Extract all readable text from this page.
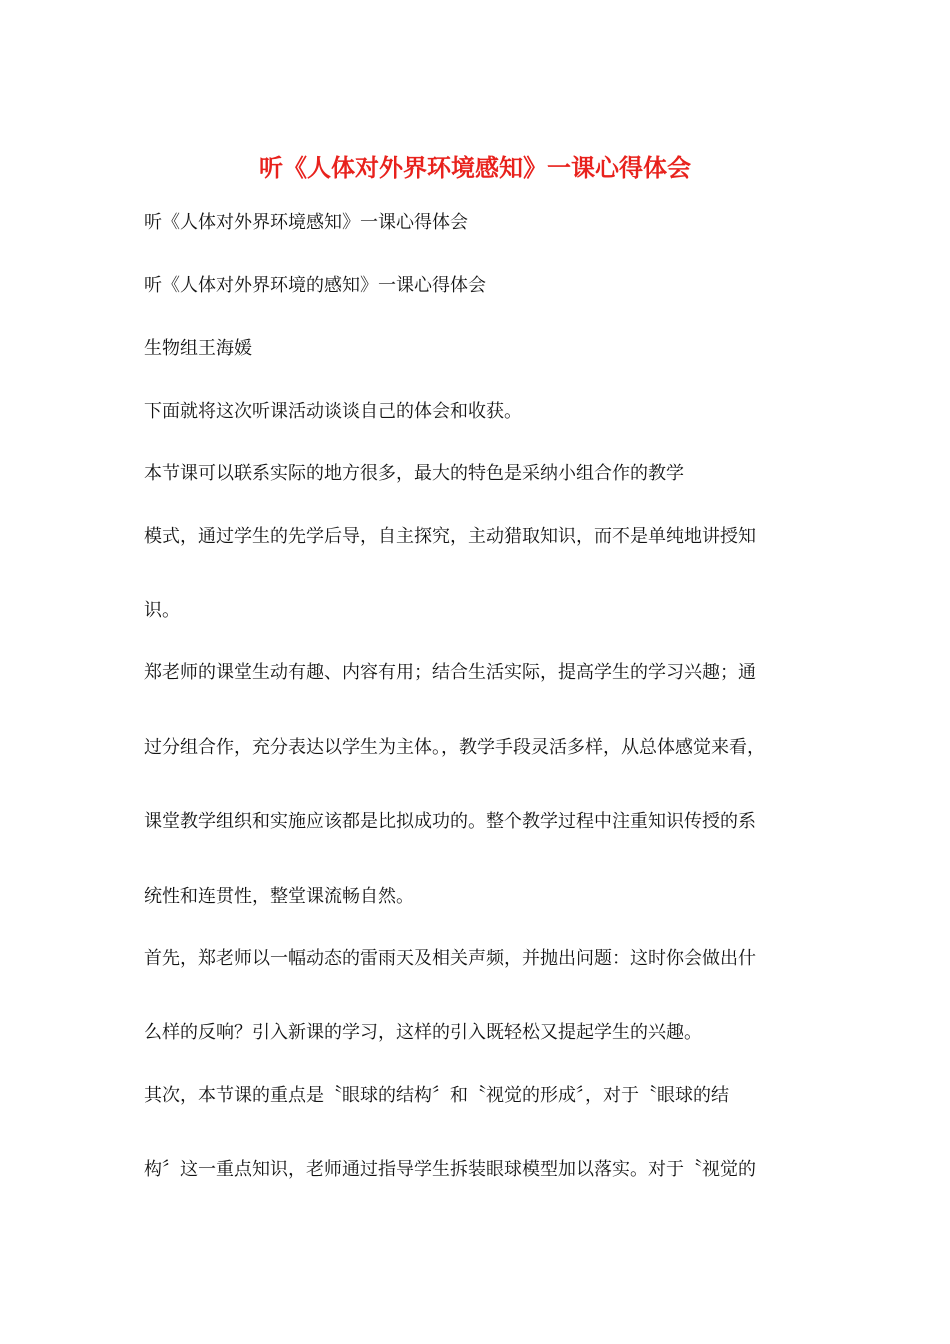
听《人体对外界环境感知》一课心得体会

听《人体对外界环境感知》一课心得体会

听《人体对外界环境的感知》一课心得体会

生物组王海媛

下面就将这次听课活动谈谈自己的体会和收获。

本节课可以联系实际的地方很多，最大的特色是采纳小组合作的教学

模式，通过学生的先学后导，自主探究，主动猎取知识，而不是单纯地讲授知

识。

郑老师的课堂生动有趣、内容有用；结合生活实际，提高学生的学习兴趣；通

过分组合作，充分表达以学生为主体。，教学手段灵活多样，从总体感觉来看，

课堂教学组织和实施应该都是比拟成功的。整个教学过程中注重知识传授的系

统性和连贯性，整堂课流畅自然。

首先，郑老师以一幅动态的雷雨天及相关声频，并抛出问题：这时你会做出什

么样的反响？引入新课的学习，这样的引入既轻松又提起学生的兴趣。

其次，本节课的重点是〝眼球的结构〞和〝视觉的形成〞，对于〝眼球的结

构〞这一重点知识，老师通过指导学生拆装眼球模型加以落实。对于〝视觉的
